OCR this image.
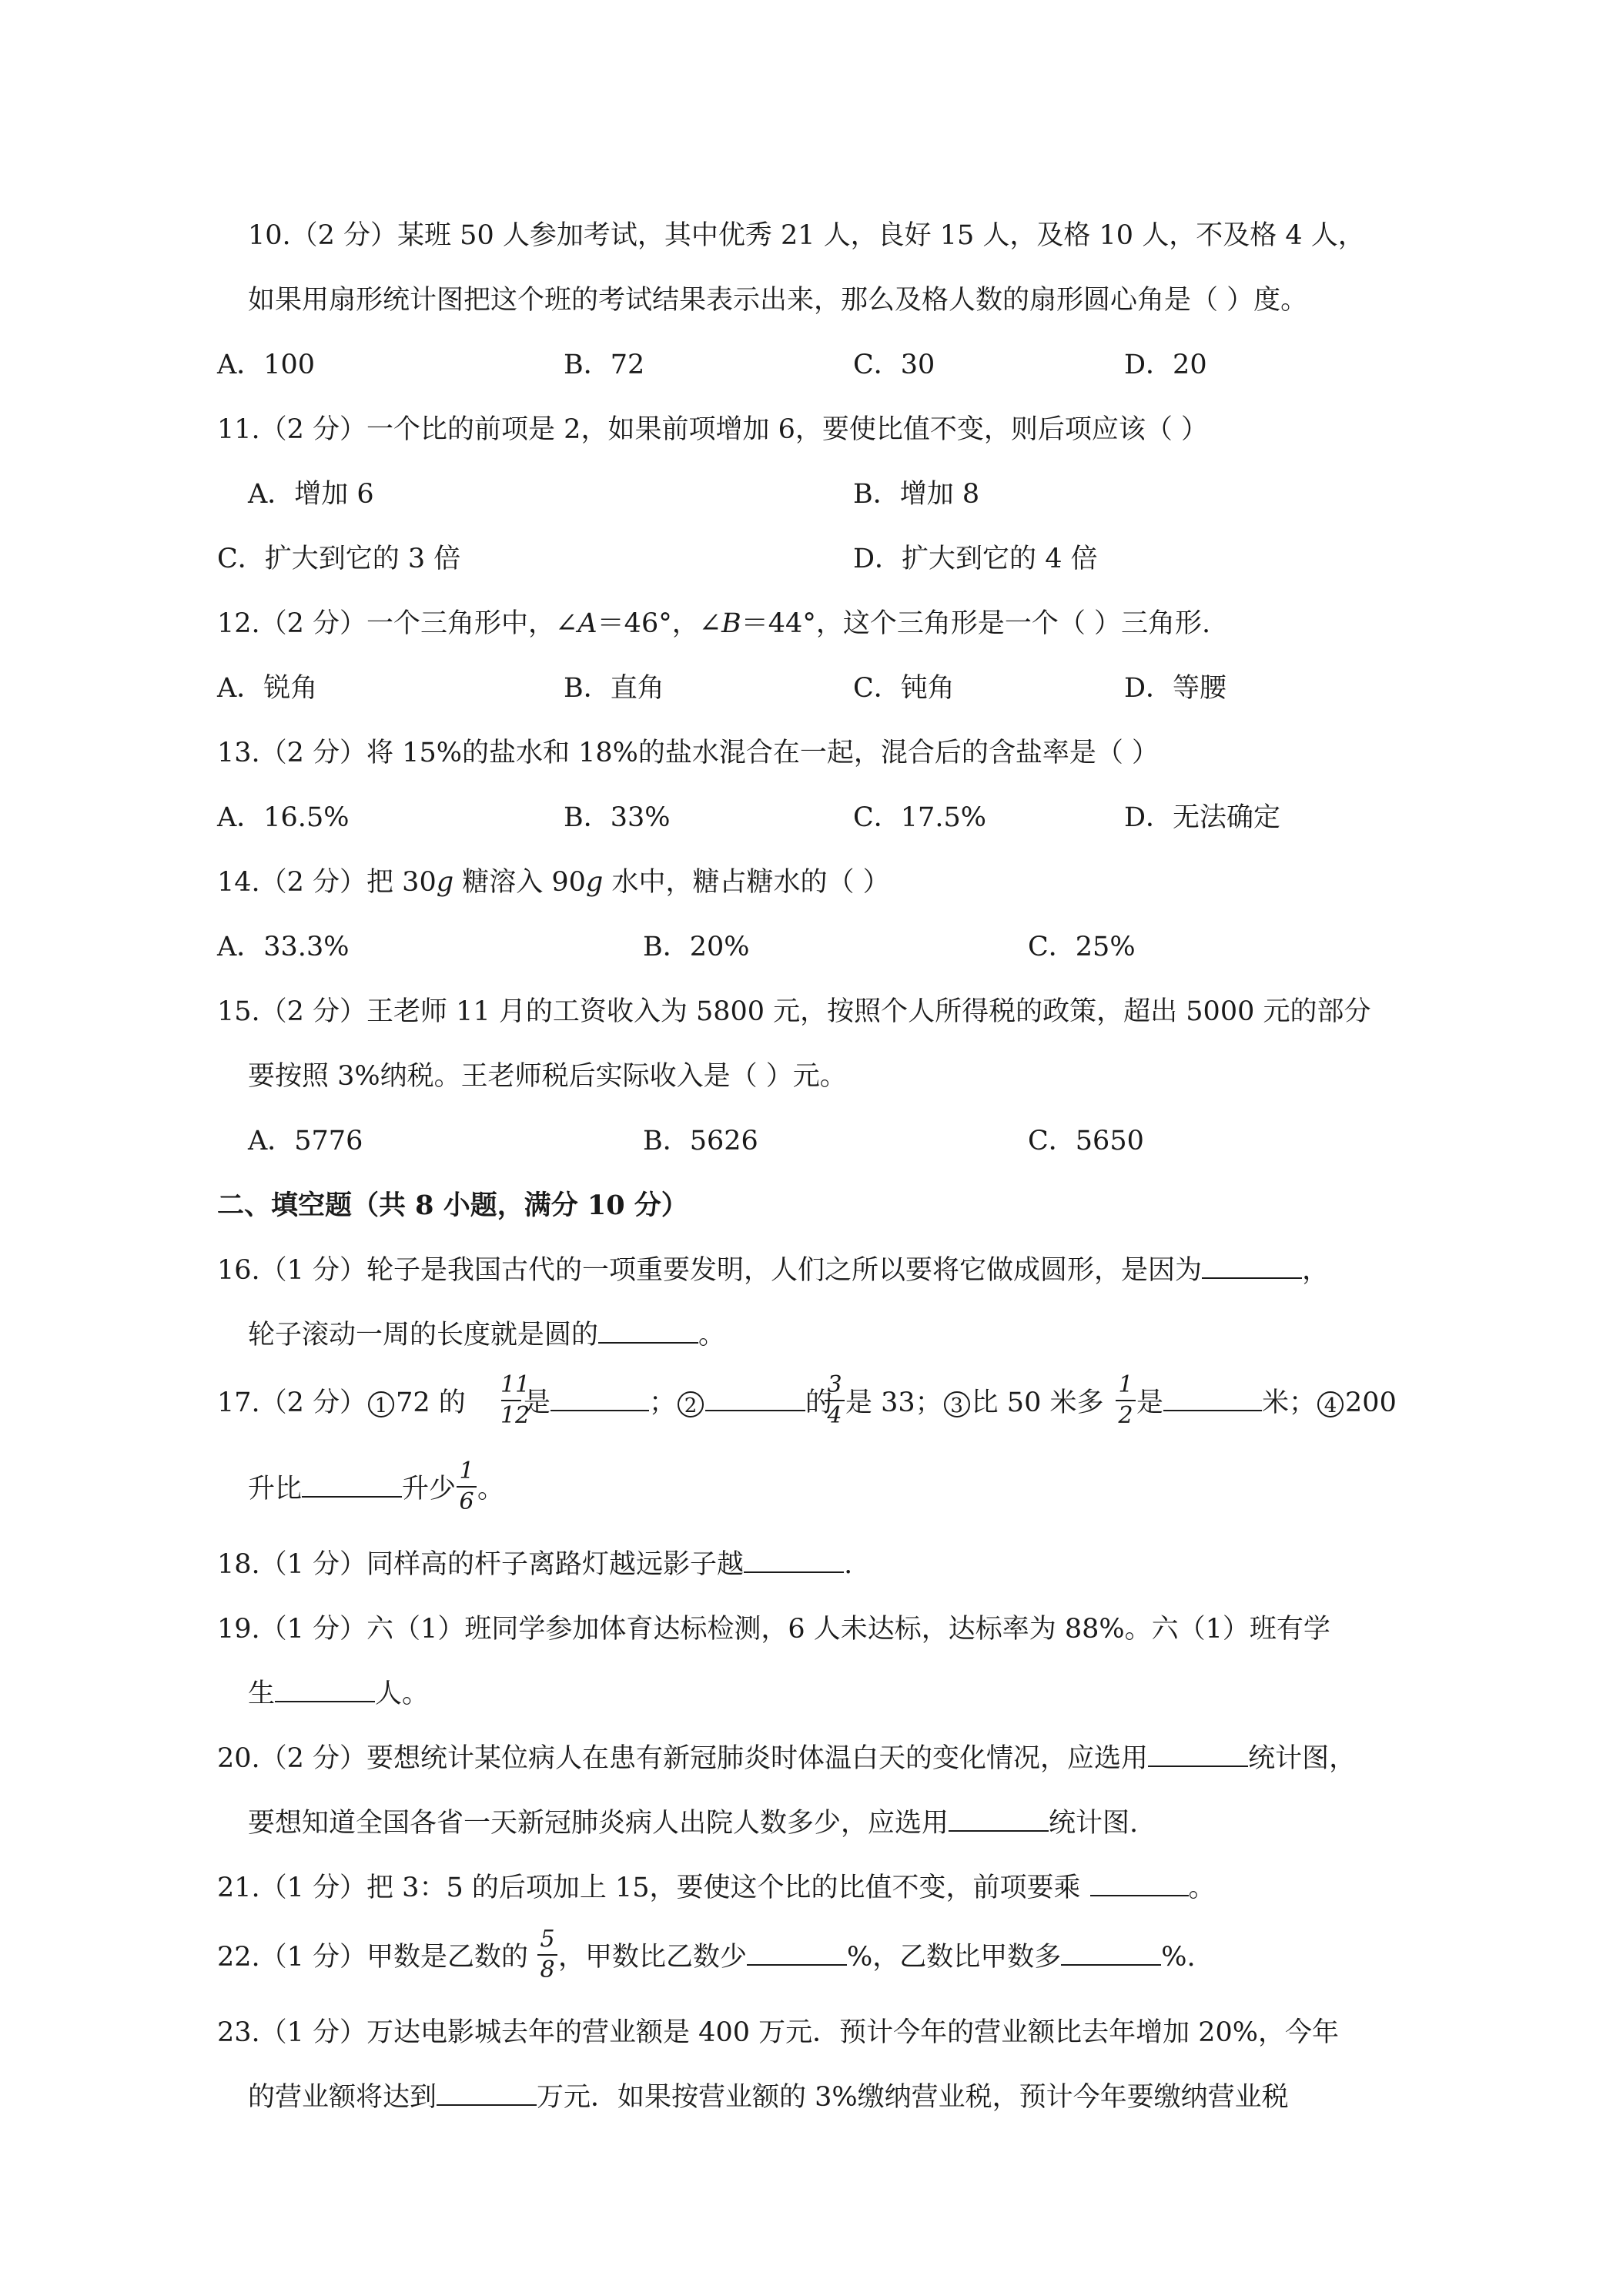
10.（2 分）某班 50 人参加考试，其中优秀 21 人，良好 15 人，及格 10 人，不及格 4 人，
如果用扇形统计图把这个班的考试结果表示出来，那么及格人数的扇形圆心角是（ ）度。
A．100	B．72	C．30	D．20
11.（2 分）一个比的前项是 2，如果前项增加 6，要使比值不变，则后项应该（ ）
A．增加 6	B．增加 8
C．扩大到它的 3 倍	D．扩大到它的 4 倍
12.（2 分）一个三角形中，∠A＝46°，∠B＝44°，这个三角形是一个（ ）三角形.
A．锐角	B．直角	C．钝角	D．等腰
13.（2 分）将 15%的盐水和 18%的盐水混合在一起，混合后的含盐率是（ ）
A．16.5%	B．33%	C．17.5%	D．无法确定
14.（2 分）把 30g 糖溶入 90g 水中，糖占糖水的（ ）
A．33.3%	B．20%	C．25%
15.（2 分）王老师 11 月的工资收入为 5800 元，按照个人所得税的政策，超出 5000 元的部分
要按照 3%纳税。王老师税后实际收入是（ ）元。
A．5776	B．5626	C．5650
二、填空题（共 8 小题，满分 10 分）
16.（1 分）轮子是我国古代的一项重要发明，人们之所以要将它做成圆形，是因为	，
轮子滚动一周的长度就是圆的	。
17.（2 分） 1 72 的
11
12
是	； 2	的
3
4 是 33； 3 比 50 米多
1
2 是	米； 4 200
升比	升少
1
6 。
18.（1 分）同样高的杆子离路灯越远影子越	.
19.（1 分）六（1）班同学参加体育达标检测，6 人未达标，达标率为 88%。六（1）班有学
生	人。
20.（2 分）要想统计某位病人在患有新冠肺炎时体温白天的变化情况，应选用	统计图，
要想知道全国各省一天新冠肺炎病人出院人数多少，应选用	统计图.
21.（1 分）把 3：5 的后项加上 15，要使这个比的比值不变，前项要乘	。
22.（1 分）甲数是乙数的
5
8 ，甲数比乙数少	%，乙数比甲数多	%.
23.（1 分）万达电影城去年的营业额是 400 万元．预计今年的营业额比去年增加 20%，今年
的营业额将达到	万元．如果按营业额的 3%缴纳营业税，预计今年要缴纳营业税
